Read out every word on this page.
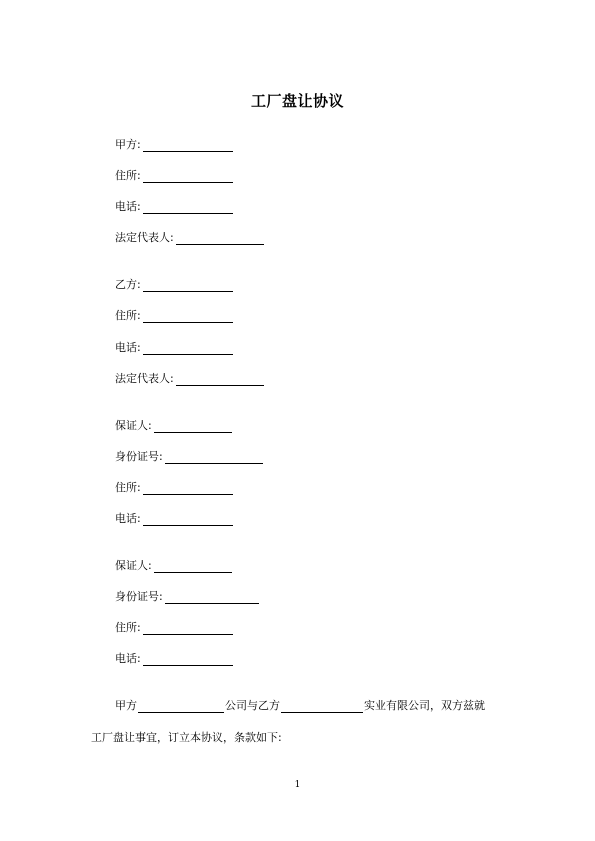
工厂盘让协议
甲方:
住所:
电话:
法定代表人:
乙方:
住所:
电话:
法定代表人:
保证人:
身份证号:
住所:
电话:
保证人:
身份证号:
住所:
电话:
甲方	公司与乙方	实业有限公司，双方兹就
工厂盘让事宜，订立本协议，条款如下:
1
